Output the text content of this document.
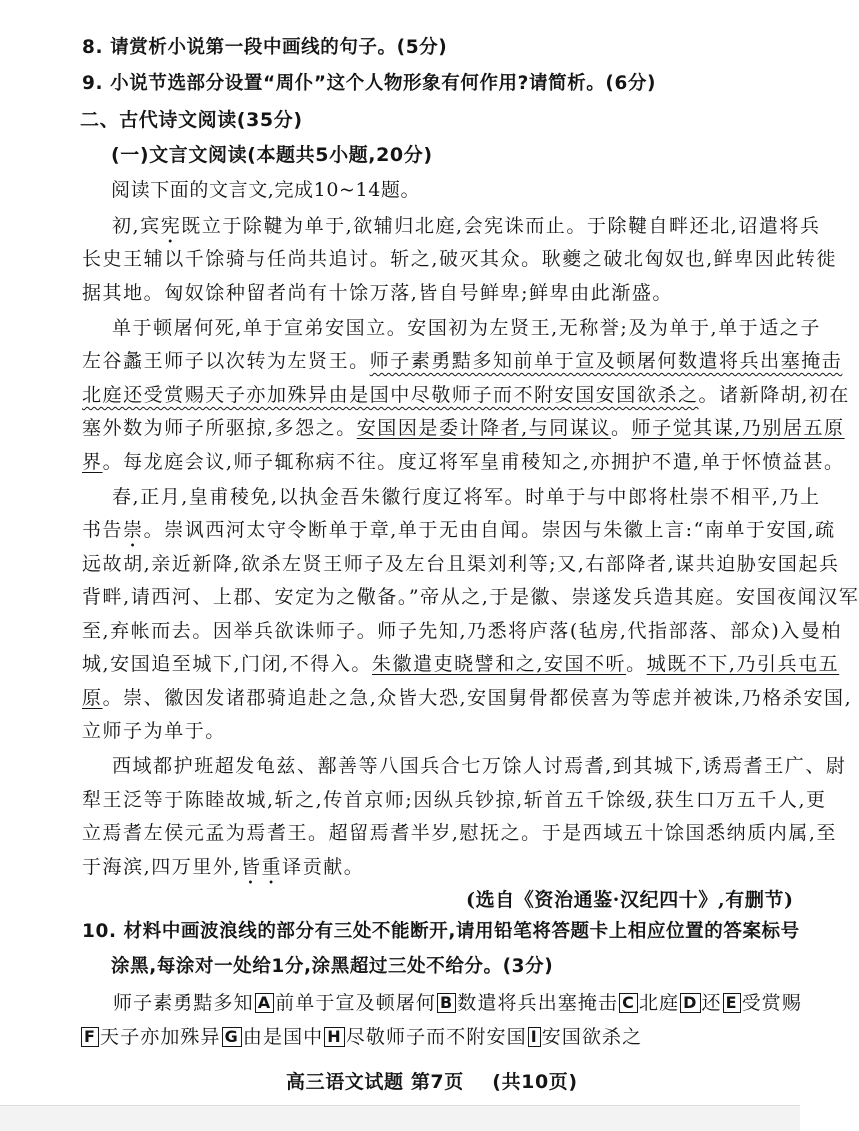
8. 请赏析小说第一段中画线的句子。(5分)
9. 小说节选部分设置“周仆”这个人物形象有何作用?请简析。(6分)
二、古代诗文阅读(35分)
(一)文言文阅读(本题共5小题,20分)
阅读下面的文言文,完成10~14题。
初,宾宪既立于除鞬为单于,欲辅归北庭,会宪诛而止。于除鞬自畔还北,诏遣将兵
长史王辅以千馀骑与任尚共追讨。斩之,破灭其众。耿夔之破北匈奴也,鲜卑因此转徙
据其地。匈奴馀种留者尚有十馀万落,皆自号鲜卑;鲜卑由此渐盛。
单于顿屠何死,单于宣弟安国立。安国初为左贤王,无称誉;及为单于,单于适之子
左谷蠡王师子以次转为左贤王。师子素勇黠多知前单于宣及顿屠何数遣将兵出塞掩击
北庭还受赏赐天子亦加殊异由是国中尽敬师子而不附安国安国欲杀之。诸新降胡,初在
塞外数为师子所驱掠,多怨之。安国因是委计降者,与同谋议。师子觉其谋,乃别居五原
界。每龙庭会议,师子辄称病不往。度辽将军皇甫稜知之,亦拥护不遣,单于怀愤益甚。
春,正月,皇甫稜免,以执金吾朱徽行度辽将军。时单于与中郎将杜崇不相平,乃上
书告崇。崇讽西河太守令断单于章,单于无由自闻。崇因与朱徽上言:“南单于安国,疏
远故胡,亲近新降,欲杀左贤王师子及左台且渠刘利等;又,右部降者,谋共迫胁安国起兵
背畔,请西河、上郡、安定为之儆备。”帝从之,于是徽、崇遂发兵造其庭。安国夜闻汉军
至,弃帐而去。因举兵欲诛师子。师子先知,乃悉将庐落(毡房,代指部落、部众)入曼柏
城,安国追至城下,门闭,不得入。朱徽遣吏晓譬和之,安国不听。城既不下,乃引兵屯五
原。崇、徽因发诸郡骑追赴之急,众皆大恐,安国舅骨都侯喜为等虑并被诛,乃格杀安国,
立师子为单于。
西域都护班超发龟兹、鄯善等八国兵合七万馀人讨焉耆,到其城下,诱焉耆王广、尉
犁王泛等于陈睦故城,斩之,传首京师;因纵兵钞掠,斩首五千馀级,获生口万五千人,更
立焉耆左侯元孟为焉耆王。超留焉耆半岁,慰抚之。于是西域五十馀国悉纳质内属,至
于海滨,四万里外,皆重译贡献。
(选自《资治通鉴·汉纪四十》,有删节)
10. 材料中画波浪线的部分有三处不能断开,请用铅笔将答题卡上相应位置的答案标号
涂黑,每涂对一处给1分,涂黑超过三处不给分。(3分)
师子素勇黠多知 A 前单于宣及顿屠何 B 数遣将兵出塞掩击 C 北庭 D 还 E 受赏赐
F 天子亦加殊异 G 由是国中 H 尽敬师子而不附安国 I 安国欲杀之
高三语文试题 第7页 (共10页)
